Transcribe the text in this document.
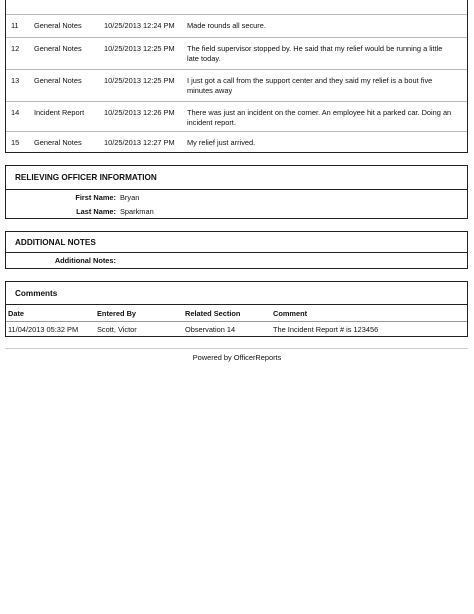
11 General Notes	10/25/2013 12:24 PM Made rounds all secure.
12 General Notes	10/25/2013 12:25 PM The field supervisor stopped by. He said that my relief would be running a little late today.
13 General Notes	10/25/2013 12:25 PM I just got a call from the support center and they said my relief is a bout five minutes away
14 Incident Report	10/25/2013 12:26 PM There was just an incident on the corner. An employee hit a parked car. Doing an incident report.
15 General Notes	10/25/2013 12:27 PM My relief just arrived.
RELIEVING OFFICER INFORMATION
First Name: Bryan
Last Name: Sparkman
ADDITIONAL NOTES
Additional Notes:
Comments
Date	Entered By	Related Section	Comment
11/04/2013 05:32 PM	Scott, Victor	Observation 14	The Incident Report # is 123456
Powered by OfficerReports
